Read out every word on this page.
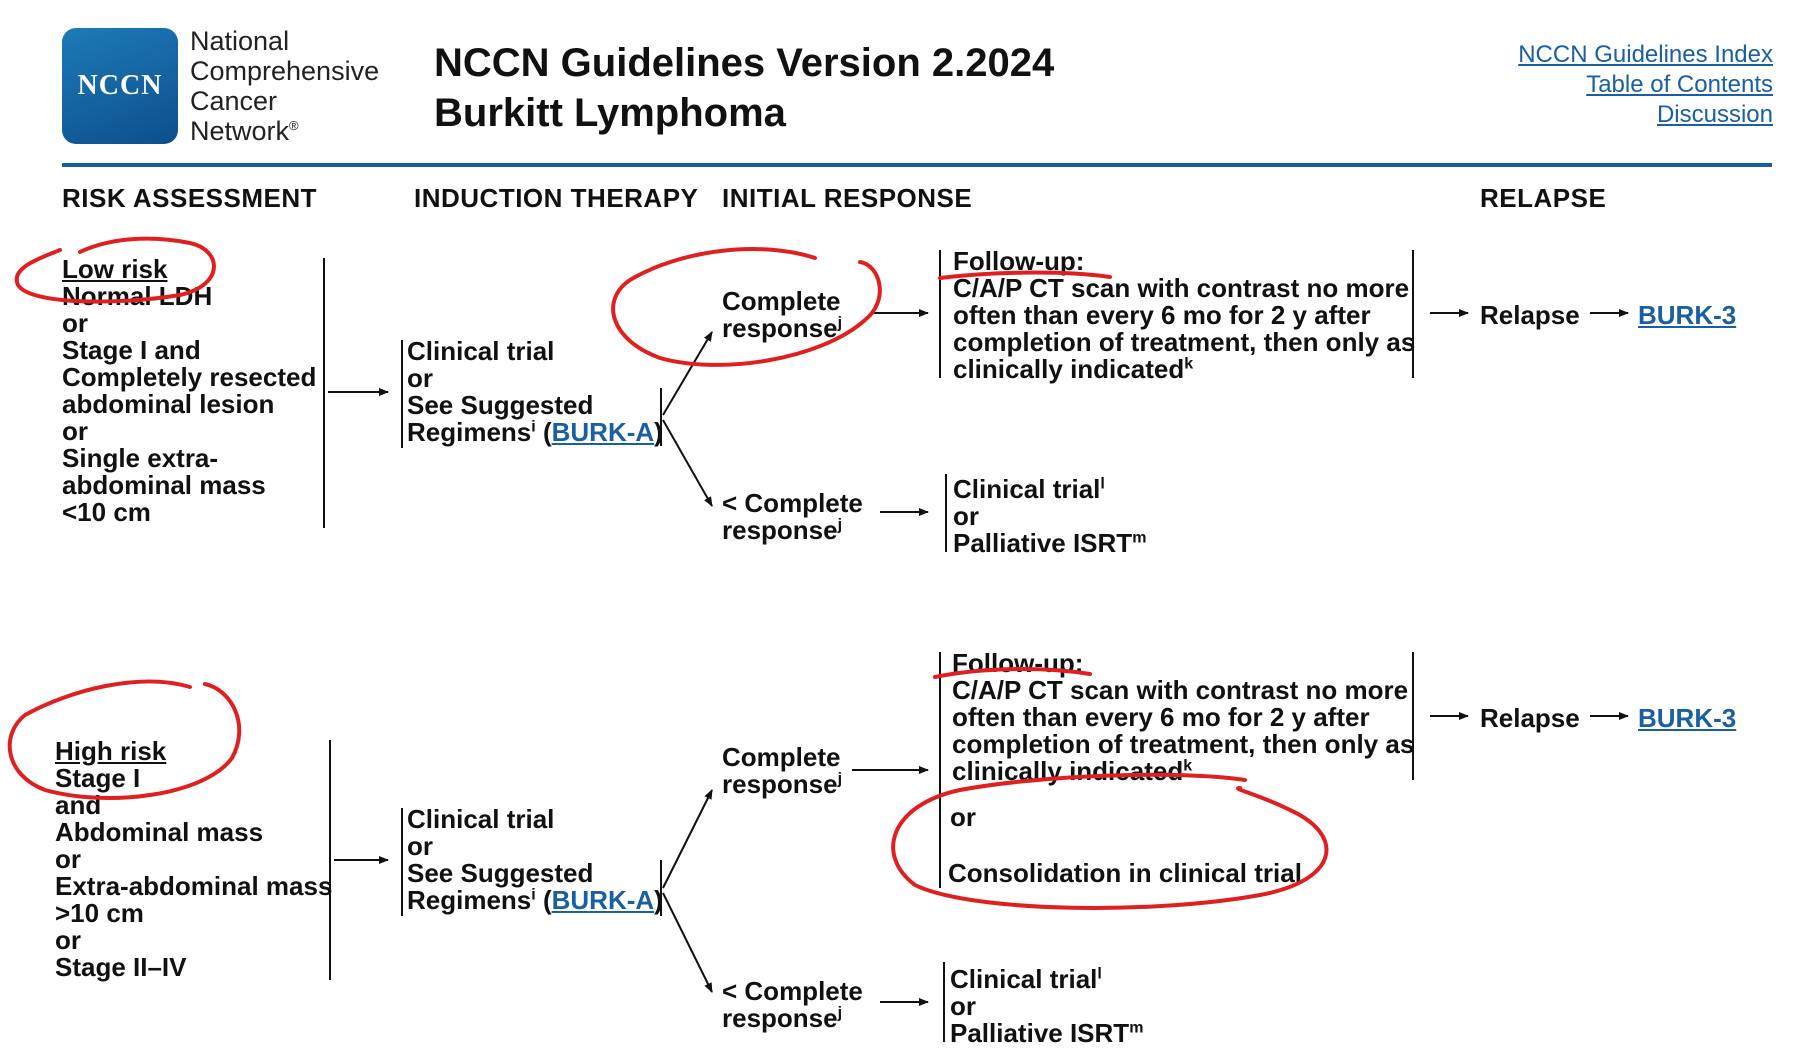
NCCN
National
Comprehensive
Cancer
Network®
NCCN Guidelines Version 2.2024
Burkitt Lymphoma
NCCN Guidelines Index
Table of Contents
Discussion
RISK ASSESSMENT	INDUCTION THERAPY INITIAL RESPONSE	RELAPSE
Low risk
Normal LDH
or
Stage I and
Completely resected
abdominal lesion
or
Single extra-
abdominal mass
<10 cm
Clinical trial
or
See Suggested
Regimens$^i$ (BURK-A)
Complete
response$^j$
< Complete
response$^j$
Follow-up:
C/A/P CT scan with contrast no more
often than every 6 mo for 2 y after
completion of treatment, then only as
clinically indicated$^k$
Clinical trial$^l$
or
Palliative ISRT$^m$
Relapse BURK-3
High risk
Stage I
and
Abdominal mass
or
Extra-abdominal mass
>10 cm
or
Stage II–IV
Clinical trial
or
See Suggested
Regimens$^i$ (BURK-A)
Complete
response$^j$
< Complete
response$^j$
Follow-up:
C/A/P CT scan with contrast no more
often than every 6 mo for 2 y after
completion of treatment, then only as
clinically indicated$^k$
or
Consolidation in clinical trial
Clinical trial$^l$
or
Palliative ISRT$^m$
Relapse BURK-3
